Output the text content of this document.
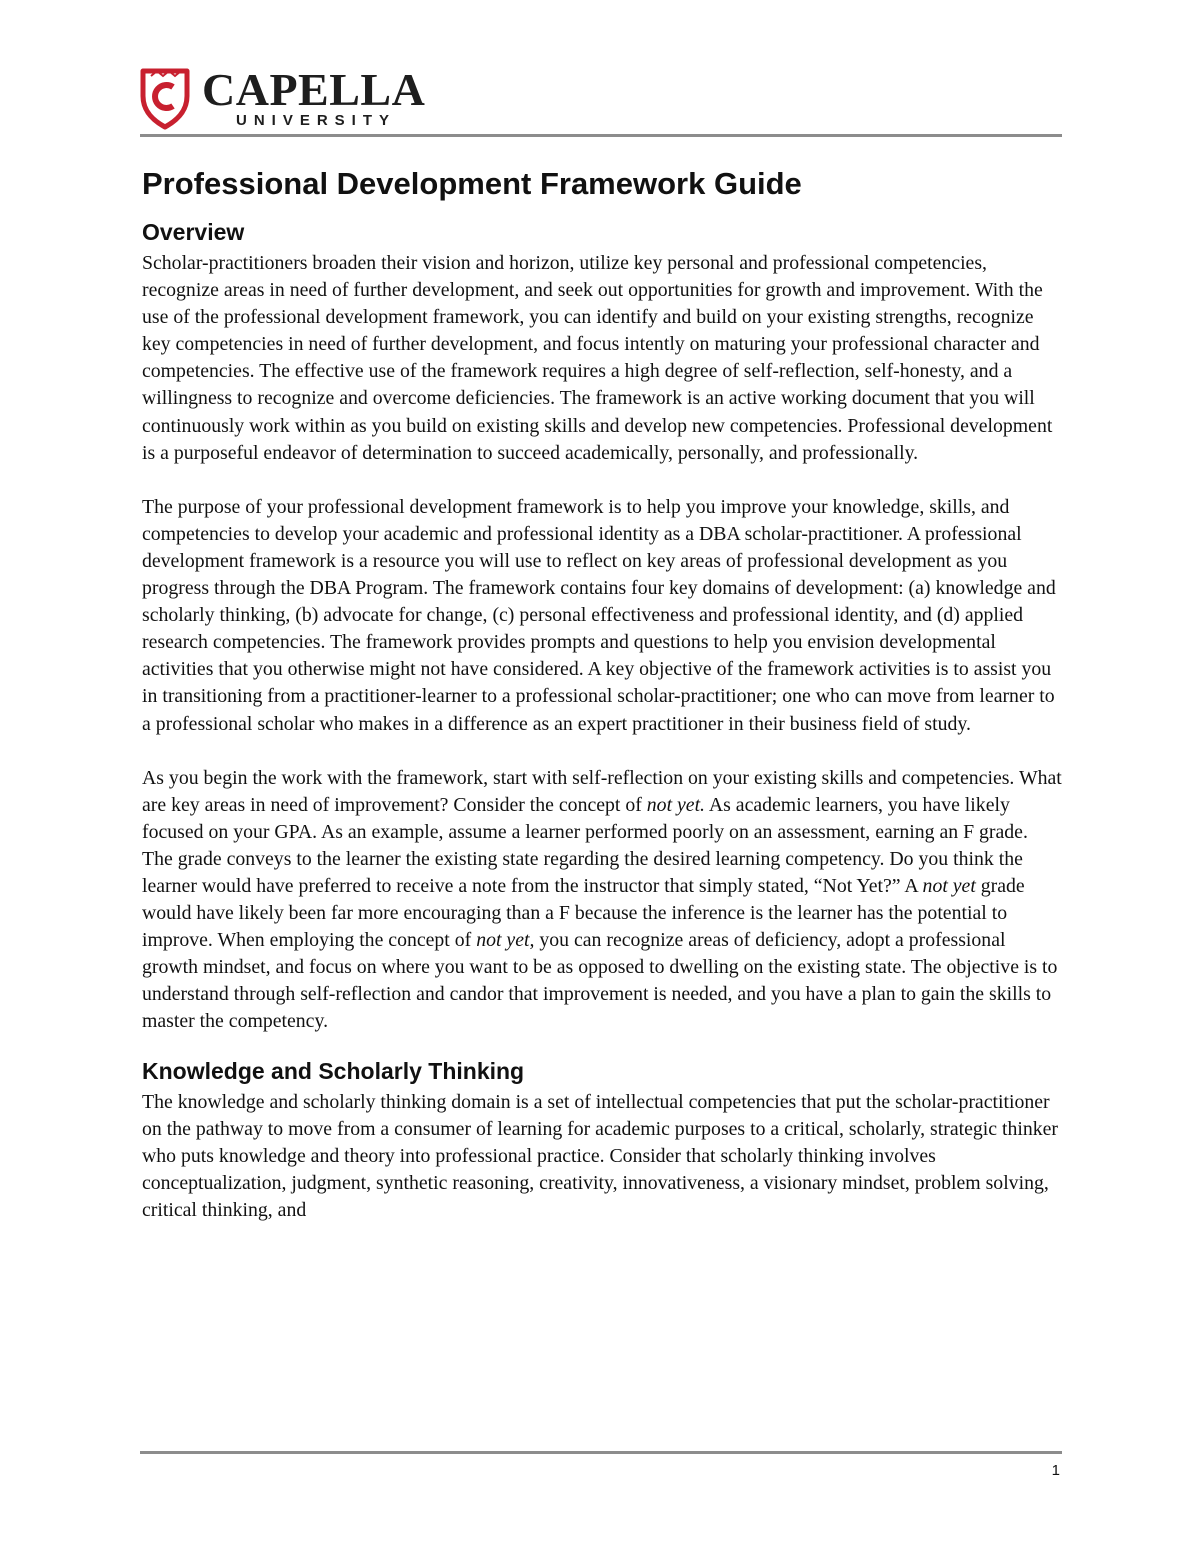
CAPELLA
UNIVERSITY
Professional Development Framework Guide
Overview

Scholar-practitioners broaden their vision and horizon, utilize key personal and professional competencies, recognize areas in need of further development, and seek out opportunities for growth and improvement. With the use of the professional development framework, you can identify and build on your existing strengths, recognize key competencies in need of further development, and focus intently on maturing your professional character and competencies. The effective use of the framework requires a high degree of self-reflection, self-honesty, and a willingness to recognize and overcome deficiencies. The framework is an active working document that you will continuously work within as you build on existing skills and develop new competencies. Professional development is a purposeful endeavor of determination to succeed academically, personally, and professionally.

The purpose of your professional development framework is to help you improve your knowledge, skills, and competencies to develop your academic and professional identity as a DBA scholar-practitioner. A professional development framework is a resource you will use to reflect on key areas of professional development as you progress through the DBA Program. The framework contains four key domains of development: (a) knowledge and scholarly thinking, (b) advocate for change, (c) personal effectiveness and professional identity, and (d) applied research competencies. The framework provides prompts and questions to help you envision developmental activities that you otherwise might not have considered. A key objective of the framework activities is to assist you in transitioning from a practitioner-learner to a professional scholar-practitioner; one who can move from learner to a professional scholar who makes in a difference as an expert practitioner in their business field of study.

As you begin the work with the framework, start with self-reflection on your existing skills and competencies. What are key areas in need of improvement? Consider the concept of not yet. As academic learners, you have likely focused on your GPA. As an example, assume a learner performed poorly on an assessment, earning an F grade. The grade conveys to the learner the existing state regarding the desired learning competency. Do you think the learner would have preferred to receive a note from the instructor that simply stated, “Not Yet?” A not yet grade would have likely been far more encouraging than a F because the inference is the learner has the potential to improve. When employing the concept of not yet, you can recognize areas of deficiency, adopt a professional growth mindset, and focus on where you want to be as opposed to dwelling on the existing state. The objective is to understand through self-reflection and candor that improvement is needed, and you have a plan to gain the skills to master the competency.

Knowledge and Scholarly Thinking

The knowledge and scholarly thinking domain is a set of intellectual competencies that put the scholar-practitioner on the pathway to move from a consumer of learning for academic purposes to a critical, scholarly, strategic thinker who puts knowledge and theory into professional practice. Consider that scholarly thinking involves conceptualization, judgment, synthetic reasoning, creativity, innovativeness, a visionary mindset, problem solving, critical thinking, and

1
